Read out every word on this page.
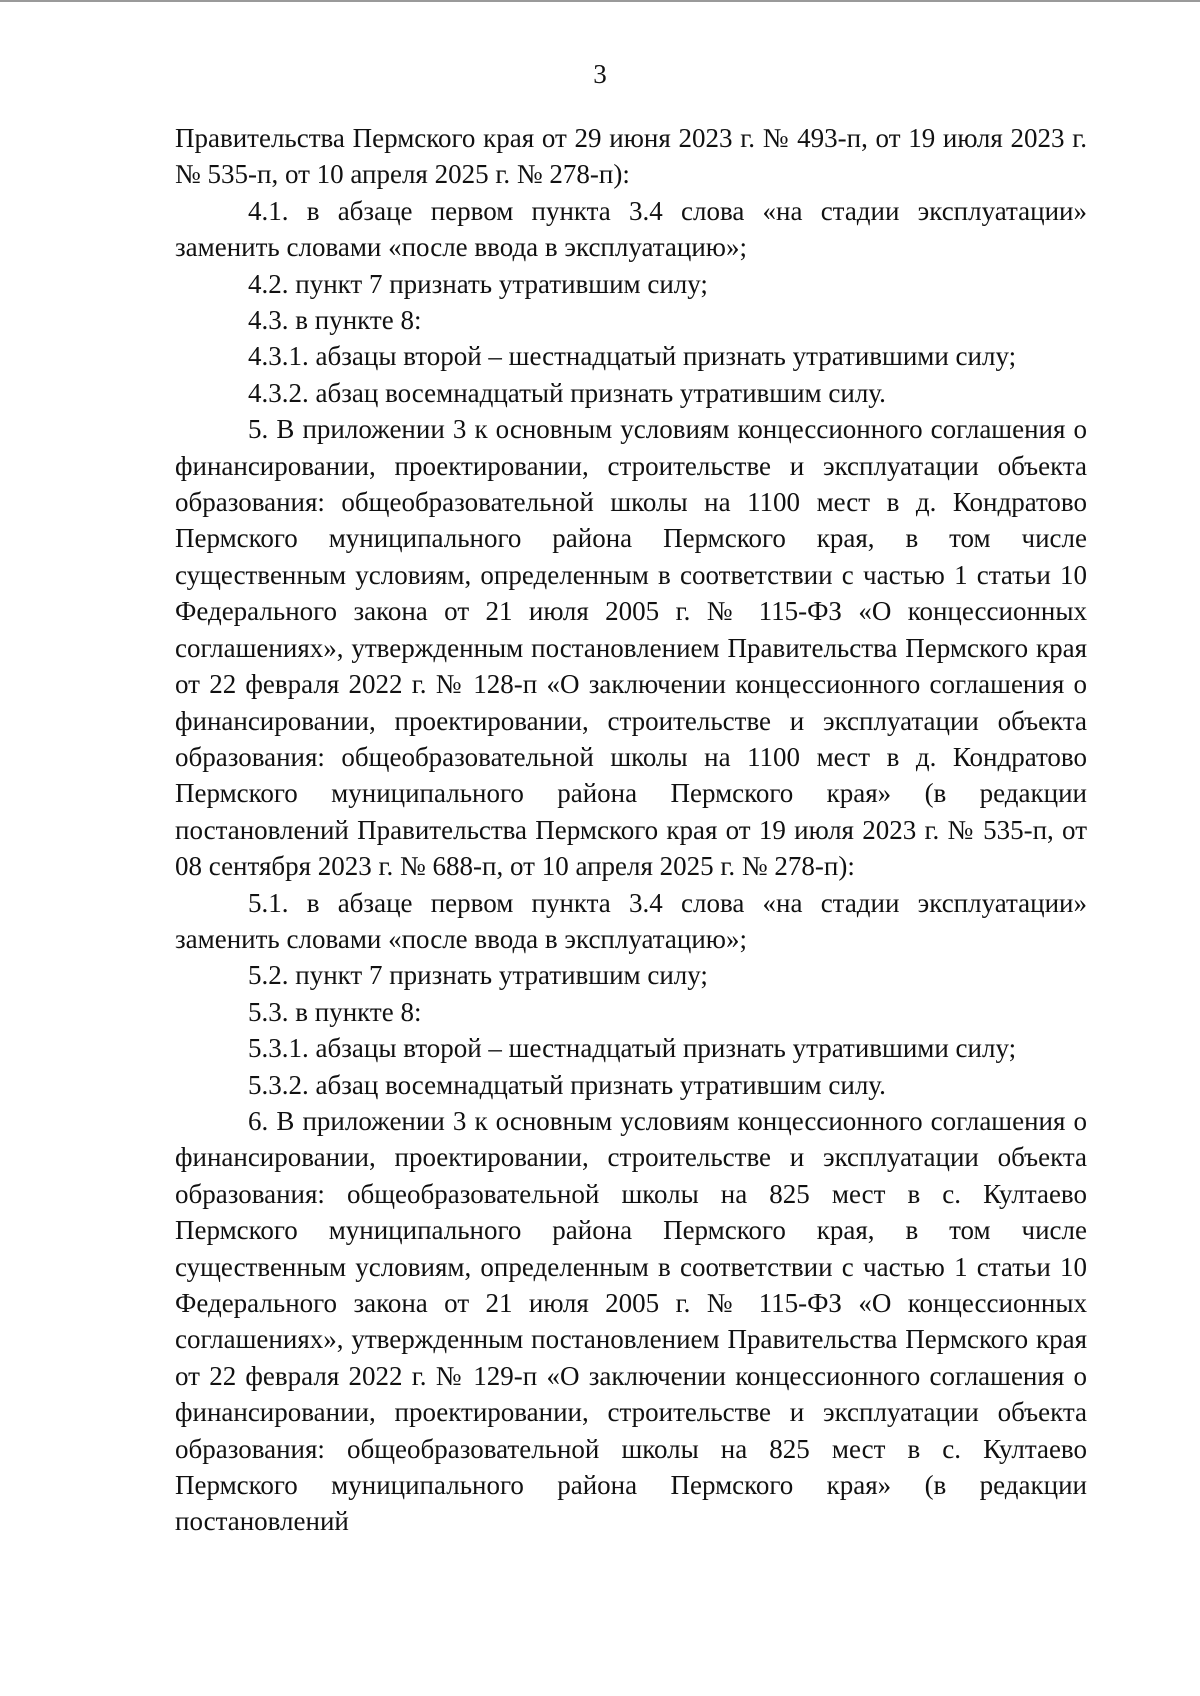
3

Правительства Пермского края от 29 июня 2023 г. № 493-п, от 19 июля 2023 г. № 535-п, от 10 апреля 2025 г. № 278-п):

4.1. в абзаце первом пункта 3.4 слова «на стадии эксплуатации» заменить словами «после ввода в эксплуатацию»;

4.2. пункт 7 признать утратившим силу;

4.3. в пункте 8:

4.3.1. абзацы второй – шестнадцатый признать утратившими силу;

4.3.2. абзац восемнадцатый признать утратившим силу.

5. В приложении 3 к основным условиям концессионного соглашения о финансировании, проектировании, строительстве и эксплуатации объекта образования: общеобразовательной школы на 1100 мест в д. Кондратово Пермского муниципального района Пермского края, в том числе существенным условиям, определенным в соответствии с частью 1 статьи 10 Федерального закона от 21 июля 2005 г. № 115-ФЗ «О концессионных соглашениях», утвержденным постановлением Правительства Пермского края от 22 февраля 2022 г. № 128-п «О заключении концессионного соглашения о финансировании, проектировании, строительстве и эксплуатации объекта образования: общеобразовательной школы на 1100 мест в д. Кондратово Пермского муниципального района Пермского края» (в редакции постановлений Правительства Пермского края от 19 июля 2023 г. № 535-п, от 08 сентября 2023 г. № 688-п, от 10 апреля 2025 г. № 278-п):

5.1. в абзаце первом пункта 3.4 слова «на стадии эксплуатации» заменить словами «после ввода в эксплуатацию»;

5.2. пункт 7 признать утратившим силу;

5.3. в пункте 8:

5.3.1. абзацы второй – шестнадцатый признать утратившими силу;

5.3.2. абзац восемнадцатый признать утратившим силу.

6. В приложении 3 к основным условиям концессионного соглашения о финансировании, проектировании, строительстве и эксплуатации объекта образования: общеобразовательной школы на 825 мест в с. Култаево Пермского муниципального района Пермского края, в том числе существенным условиям, определенным в соответствии с частью 1 статьи 10 Федерального закона от 21 июля 2005 г. № 115-ФЗ «О концессионных соглашениях», утвержденным постановлением Правительства Пермского края от 22 февраля 2022 г. № 129-п «О заключении концессионного соглашения о финансировании, проектировании, строительстве и эксплуатации объекта образования: общеобразовательной школы на 825 мест в с. Култаево Пермского муниципального района Пермского края» (в редакции постановлений
